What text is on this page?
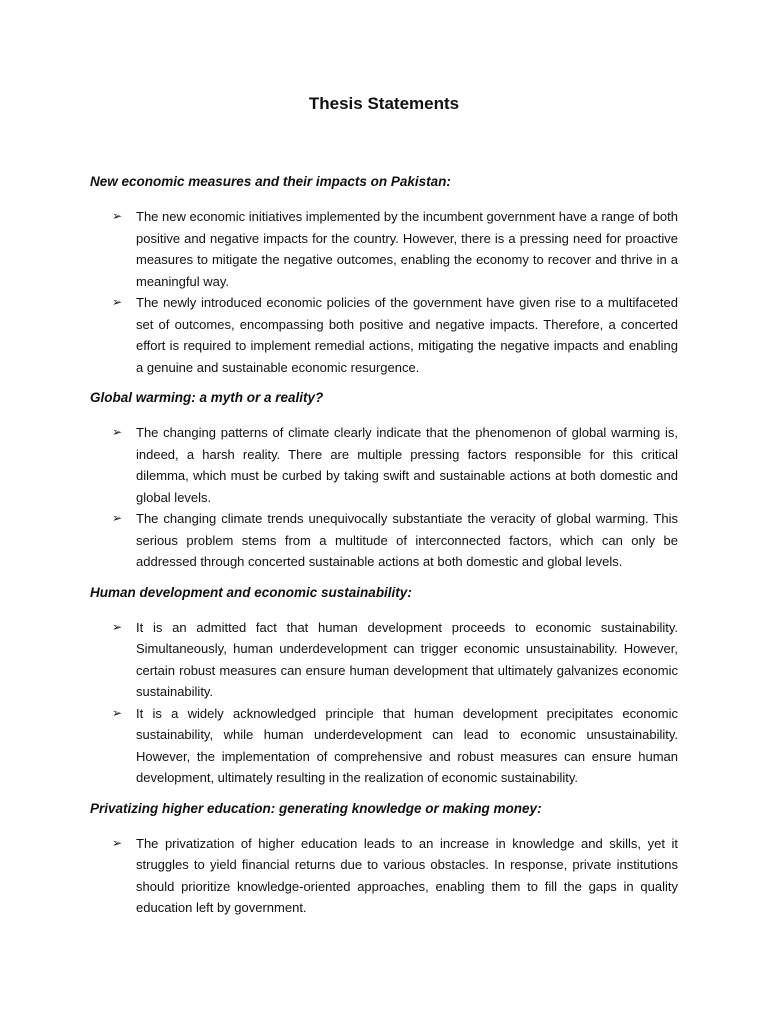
Thesis Statements
New economic measures and their impacts on Pakistan:
➢ The new economic initiatives implemented by the incumbent government have a range of both positive and negative impacts for the country. However, there is a pressing need for proactive measures to mitigate the negative outcomes, enabling the economy to recover and thrive in a meaningful way.
➢ The newly introduced economic policies of the government have given rise to a multifaceted set of outcomes, encompassing both positive and negative impacts. Therefore, a concerted effort is required to implement remedial actions, mitigating the negative impacts and enabling a genuine and sustainable economic resurgence.
Global warming: a myth or a reality?
➢ The changing patterns of climate clearly indicate that the phenomenon of global warming is, indeed, a harsh reality. There are multiple pressing factors responsible for this critical dilemma, which must be curbed by taking swift and sustainable actions at both domestic and global levels.
➢ The changing climate trends unequivocally substantiate the veracity of global warming. This serious problem stems from a multitude of interconnected factors, which can only be addressed through concerted sustainable actions at both domestic and global levels.
Human development and economic sustainability:
➢ It is an admitted fact that human development proceeds to economic sustainability. Simultaneously, human underdevelopment can trigger economic unsustainability. However, certain robust measures can ensure human development that ultimately galvanizes economic sustainability.
➢ It is a widely acknowledged principle that human development precipitates economic sustainability, while human underdevelopment can lead to economic unsustainability. However, the implementation of comprehensive and robust measures can ensure human development, ultimately resulting in the realization of economic sustainability.
Privatizing higher education: generating knowledge or making money:
➢ The privatization of higher education leads to an increase in knowledge and skills, yet it struggles to yield financial returns due to various obstacles. In response, private institutions should prioritize knowledge-oriented approaches, enabling them to fill the gaps in quality education left by government.
